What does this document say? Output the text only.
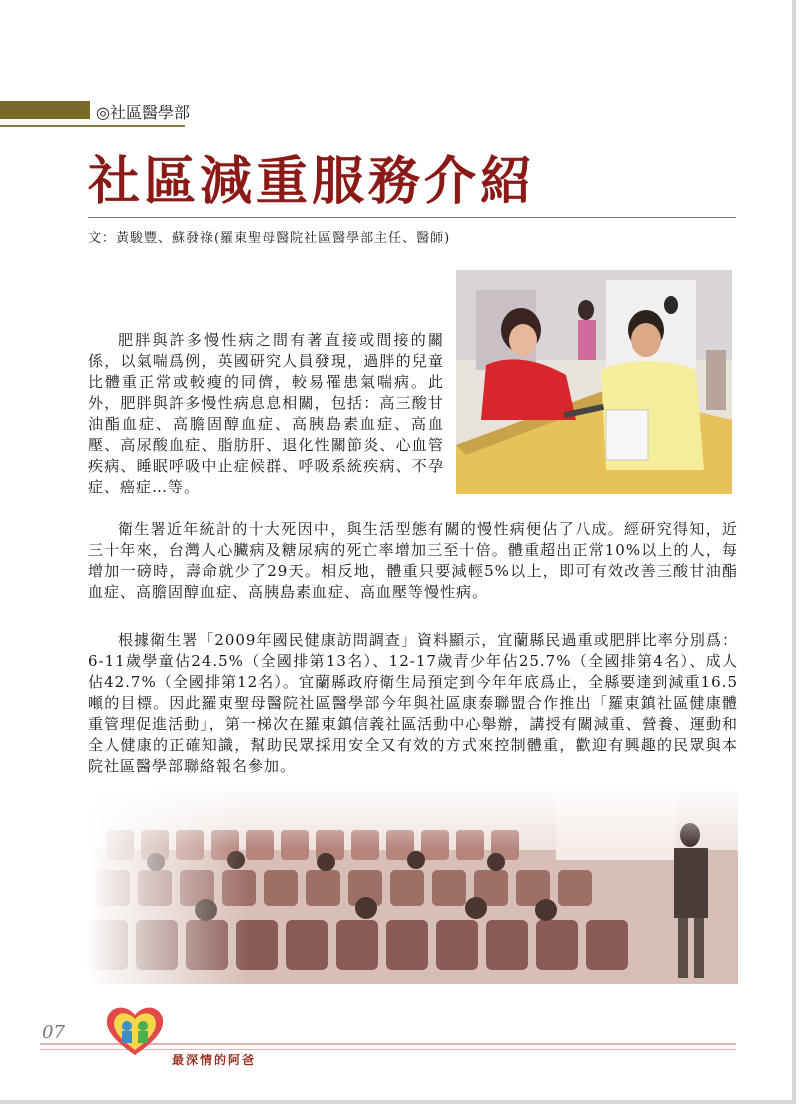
◎社區醫學部
社區減重服務介紹
文：黃駿豐、蘇發祿(羅東聖母醫院社區醫學部主任、醫師)

肥胖與許多慢性病之間有著直接或間接的關係，以氣喘爲例，英國研究人員發現，過胖的兒童比體重正常或較瘦的同儕，較易罹患氣喘病。此外，肥胖與許多慢性病息息相關，包括：高三酸甘油酯血症、高膽固醇血症、高胰島素血症、高血壓、高尿酸血症、脂肪肝、退化性關節炎、心血管疾病、睡眠呼吸中止症候群、呼吸系統疾病、不孕症、癌症…等。

衛生署近年統計的十大死因中，與生活型態有關的慢性病便佔了八成。經研究得知，近三十年來，台灣人心臟病及糖尿病的死亡率增加三至十倍。體重超出正常10%以上的人，每增加一磅時，壽命就少了29天。相反地，體重只要減輕5%以上，即可有效改善三酸甘油酯血症、高膽固醇血症、高胰島素血症、高血壓等慢性病。

根據衛生署「2009年國民健康訪問調查」資料顯示，宜蘭縣民過重或肥胖比率分別爲：6-11歲學童佔24.5%（全國排第13名）、12-17歲青少年佔25.7%（全國排第4名）、成人佔42.7%（全國排第12名）。宜蘭縣政府衛生局預定到今年年底爲止，全縣要達到減重16.5噸的目標。因此羅東聖母醫院社區醫學部今年與社區康泰聯盟合作推出「羅東鎮社區健康體重管理促進活動」，第一梯次在羅東鎮信義社區活動中心舉辦，講授有關減重、營養、運動和全人健康的正確知識，幫助民眾採用安全又有效的方式來控制體重，歡迎有興趣的民眾與本院社區醫學部聯絡報名參加。

07
最深情的阿爸
